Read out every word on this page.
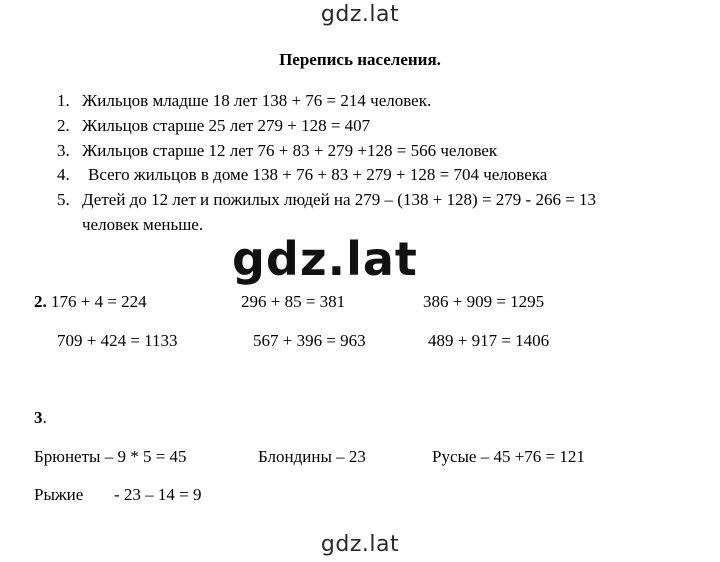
gdz.lat
Перепись населения.
1. Жильцов младше 18 лет 138 + 76 = 214 человек.
2. Жильцов старше 25 лет 279 + 128 = 407
3. Жильцов старше 12 лет 76 + 83 + 279 +128 = 566 человек
4. Всего жильцов в доме 138 + 76 + 83 + 279 + 128 = 704 человека
5. Детей до 12 лет и пожилых людей на 279 – (138 + 128) = 279 - 266 = 13
человек меньше.
gdz.lat
2. 176 + 4 = 224	296 + 85 = 381	386 + 909 = 1295
709 + 424 = 1133	567 + 396 = 963	489 + 917 = 1406
3.
Брюнеты – 9 * 5 = 45	Блондины – 23	Русые – 45 +76 = 121
Рыжие - 23 – 14 = 9
gdz.lat
